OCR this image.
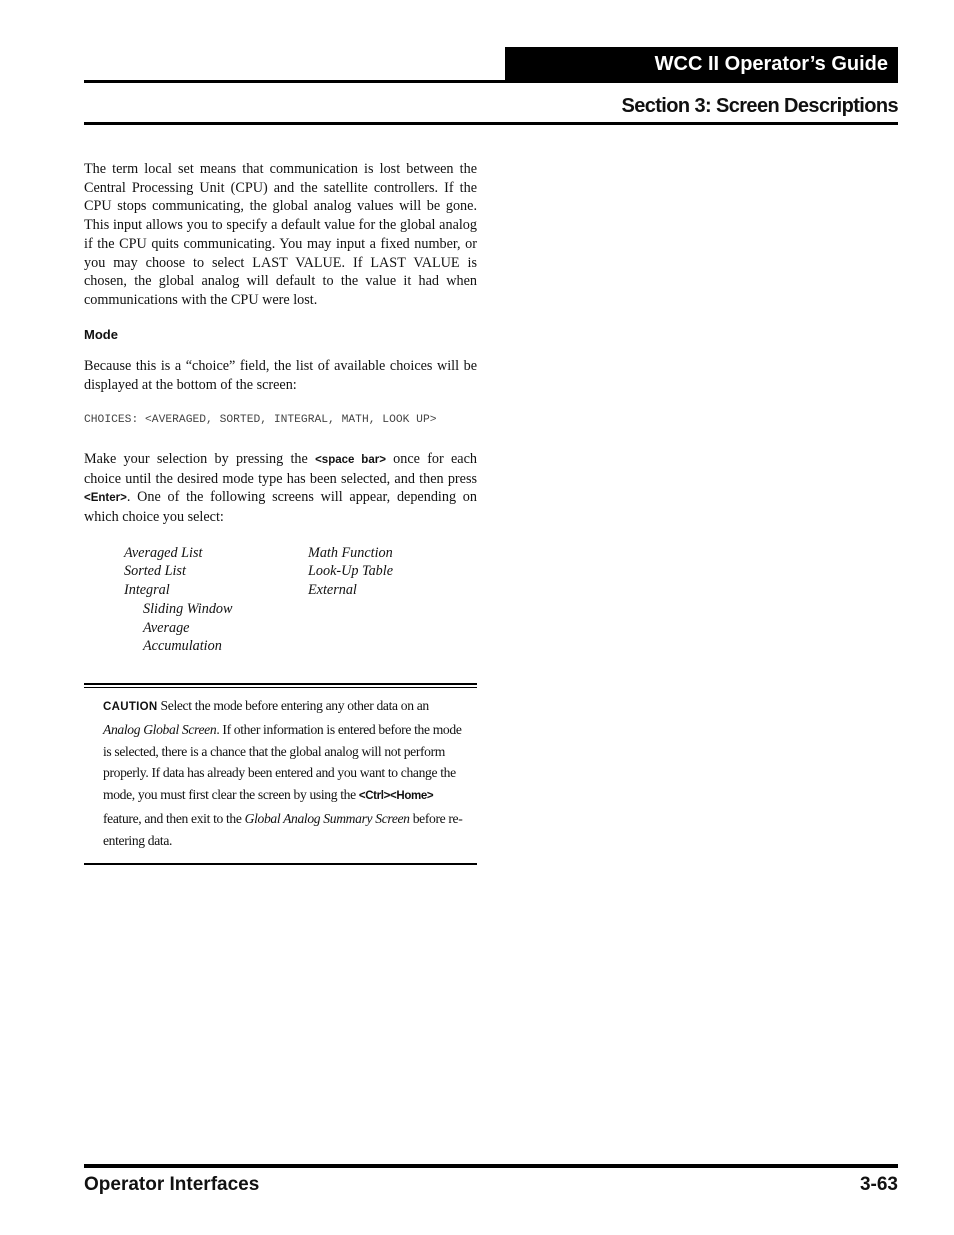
WCC II Operator’s Guide
Section 3: Screen Descriptions
The term local set means that communication is lost between the Central Processing Unit (CPU) and the satellite controllers. If the CPU stops communicating, the global analog values will be gone. This input allows you to specify a default value for the global analog if the CPU quits communicating. You may input a fixed number, or you may choose to select LAST VALUE. If LAST VALUE is chosen, the global analog will default to the value it had when communications with the CPU were lost.
Mode
Because this is a “choice” field, the list of available choices will be displayed at the bottom of the screen:
CHOICES: <AVERAGED, SORTED, INTEGRAL, MATH, LOOK UP>
Make your selection by pressing the <space bar> once for each choice until the desired mode type has been selected, and then press <Enter>. One of the following screens will appear, depending on which choice you select:
Averaged List
Sorted List
Integral
Sliding Window
Average
Accumulation
Math Function
Look-Up Table
External
CAUTION Select the mode before entering any other data on an Analog Global Screen. If other information is entered before the mode is selected, there is a chance that the global analog will not perform properly. If data has already been entered and you want to change the mode, you must first clear the screen by using the <Ctrl><Home> feature, and then exit to the Global Analog Summary Screen before re-entering data.
Operator Interfaces	3-63
